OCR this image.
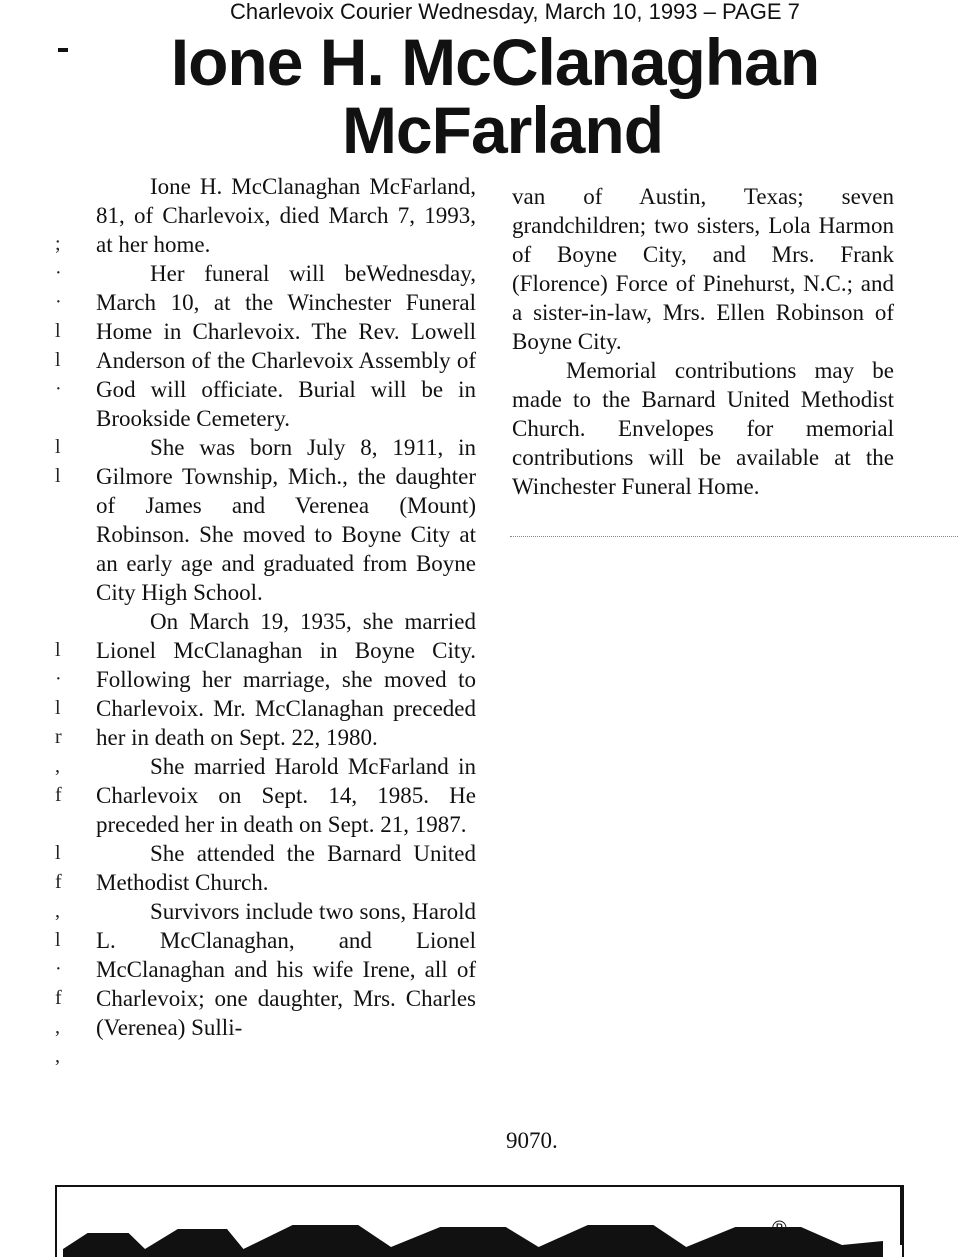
Charlevoix Courier Wednesday, March 10, 1993 – PAGE 7
Ione H. McClanaghan
McFarland
;
·
·
l
l
·

l
l

l
·
l
r
,
f

l
f
,
l
·
f
,
,

Ione H. McClanaghan McFarland, 81, of Charlevoix, died March 7, 1993, at her home.

Her funeral will beWednesday, March 10, at the Winchester Funeral Home in Charlevoix. The Rev. Lowell Anderson of the Charlevoix Assembly of God will officiate. Burial will be in Brookside Cemetery.

She was born July 8, 1911, in Gilmore Township, Mich., the daughter of James and Verenea (Mount) Robinson. She moved to Boyne City at an early age and graduated from Boyne City High School.

On March 19, 1935, she married Lionel McClanaghan in Boyne City. Following her marriage, she moved to Charlevoix. Mr. McClanaghan preceded her in death on Sept. 22, 1980.

She married Harold McFarland in Charlevoix on Sept. 14, 1985. He preceded her in death on Sept. 21, 1987.

She attended the Barnard United Methodist Church.

Survivors include two sons, Harold L. McClanaghan, and Lionel McClanaghan and his wife Irene, all of Charlevoix; one daughter, Mrs. Charles (Verenea) Sulli-

van of Austin, Texas; seven grandchildren; two sisters, Lola Harmon of Boyne City, and Mrs. Frank (Florence) Force of Pinehurst, N.C.; and a sister-in-law, Mrs. Ellen Robinson of Boyne City.

Memorial contributions may be made to the Barnard United Methodist Church. Envelopes for memorial contributions will be available at the Winchester Funeral Home.

9070.
®
